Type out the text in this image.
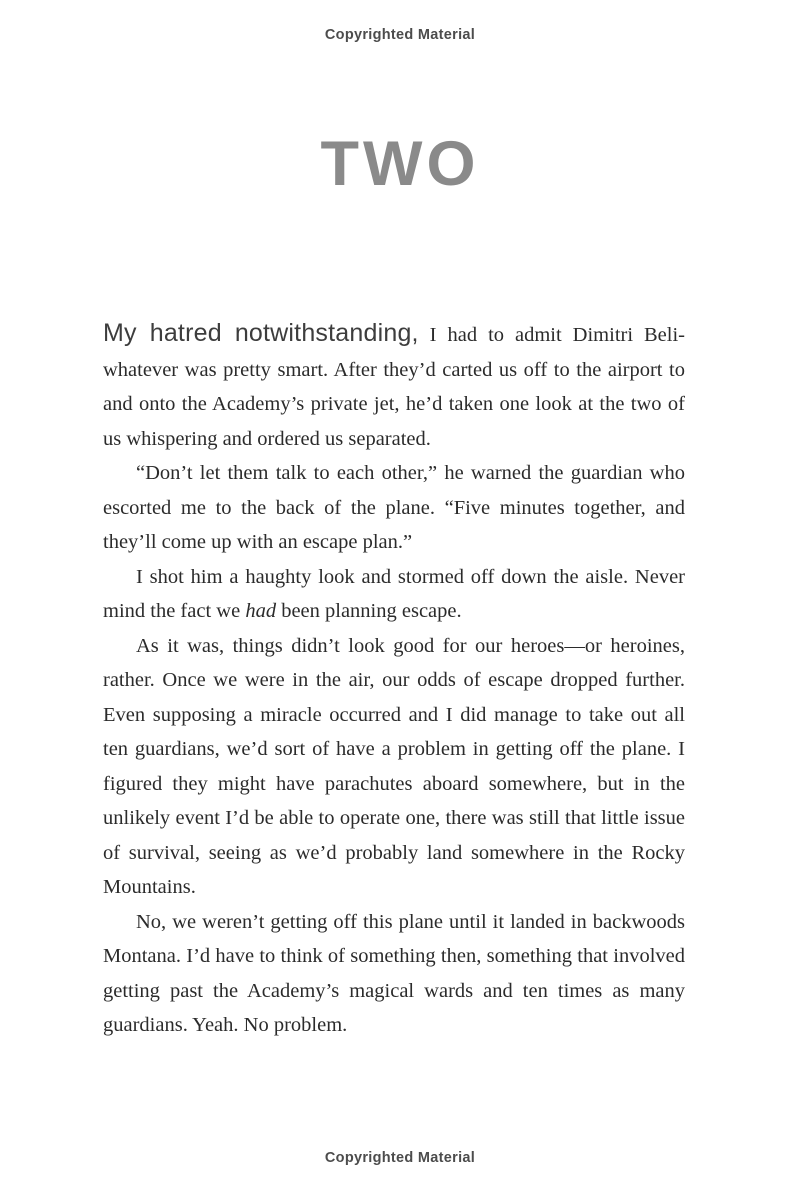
Copyrighted Material
TWO

My hatred notwithstanding, I had to admit Dimitri Beli-whatever was pretty smart. After they’d carted us off to the airport to and onto the Academy’s private jet, he’d taken one look at the two of us whispering and ordered us separated.

“Don’t let them talk to each other,” he warned the guardian who escorted me to the back of the plane. “Five minutes together, and they’ll come up with an escape plan.”

I shot him a haughty look and stormed off down the aisle. Never mind the fact we had been planning escape.

As it was, things didn’t look good for our heroes—or heroines, rather. Once we were in the air, our odds of escape dropped further. Even supposing a miracle occurred and I did manage to take out all ten guardians, we’d sort of have a problem in getting off the plane. I figured they might have parachutes aboard somewhere, but in the unlikely event I’d be able to operate one, there was still that little issue of survival, seeing as we’d probably land somewhere in the Rocky Mountains.

No, we weren’t getting off this plane until it landed in backwoods Montana. I’d have to think of something then, something that involved getting past the Academy’s magical wards and ten times as many guardians. Yeah. No problem.

Copyrighted Material
